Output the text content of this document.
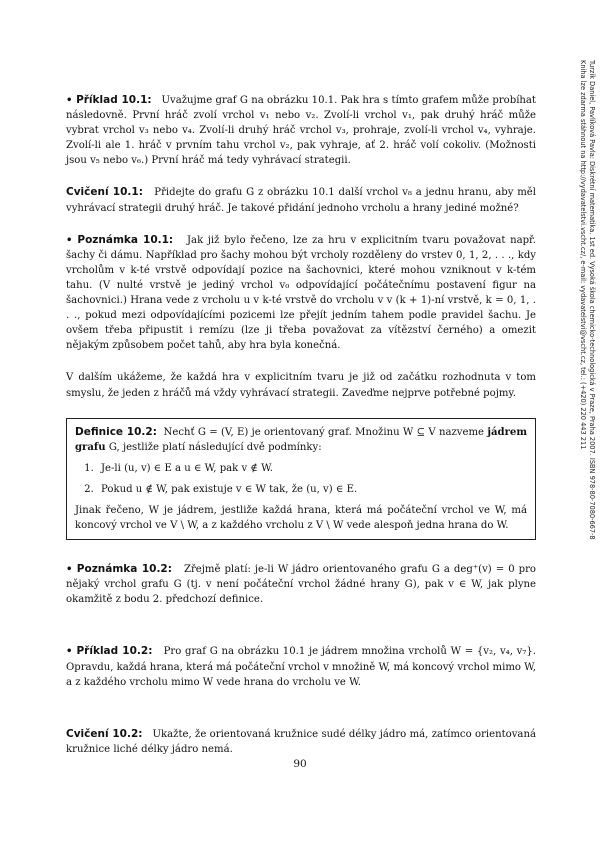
• Příklad 10.1: Uvažujme graf G na obrázku 10.1. Pak hra s tímto grafem může probíhat následovně. První hráč zvolí vrchol v₁ nebo v₂. Zvolí-li vrchol v₁, pak druhý hráč může vybrat vrchol v₃ nebo v₄. Zvolí-li druhý hráč vrchol v₃, prohraje, zvolí-li vrchol v₄, vyhraje. Zvolí-li ale 1. hráč v prvním tahu vrchol v₂, pak vyhraje, ať 2. hráč volí cokoliv. (Možnosti jsou v₅ nebo v₆.) První hráč má tedy vyhrávací strategii.

Cvičení 10.1: Přidejte do grafu G z obrázku 10.1 další vrchol v₈ a jednu hranu, aby měl vyhrávací strategii druhý hráč. Je takové přidání jednoho vrcholu a hrany jediné možné?

• Poznámka 10.1: Jak již bylo řečeno, lze za hru v explicitním tvaru považovat např. šachy či dámu. Například pro šachy mohou být vrcholy rozděleny do vrstev 0, 1, 2, . . ., kdy vrcholům v k-té vrstvě odpovídají pozice na šachovnici, které mohou vzniknout v k-tém tahu. (V nulté vrstvě je jediný vrchol v₀ odpovídající počátečnímu postavení figur na šachovnici.) Hrana vede z vrcholu u v k-té vrstvě do vrcholu v v (k + 1)-ní vrstvě, k = 0, 1, . . ., pokud mezi odpovídajícími pozicemi lze přejít jedním tahem podle pravidel šachu. Je ovšem třeba připustit i remízu (lze ji třeba považovat za vítězství černého) a omezit nějakým způsobem počet tahů, aby hra byla konečná.

V dalším ukážeme, že každá hra v explicitním tvaru je již od začátku rozhodnuta v tom smyslu, že jeden z hráčů má vždy vyhrávací strategii. Zaveďme nejprve potřebné pojmy.

Definice 10.2: Nechť G = (V, E) je orientovaný graf. Množinu W ⊆ V nazveme jádrem grafu G, jestliže platí následující dvě podmínky:

1. Je-li (u, v) ∈ E a u ∈ W, pak v ∉ W.
2. Pokud u ∉ W, pak existuje v ∈ W tak, že (u, v) ∈ E.

Jinak řečeno, W je jádrem, jestliže každá hrana, která má počáteční vrchol ve W, má koncový vrchol ve V \ W, a z každého vrcholu z V \ W vede alespoň jedna hrana do W.

• Poznámka 10.2: Zřejmě platí: je-li W jádro orientovaného grafu G a deg⁺(v) = 0 pro nějaký vrchol grafu G (tj. v není počáteční vrchol žádné hrany G), pak v ∈ W, jak plyne okamžitě z bodu 2. předchozí definice.

• Příklad 10.2: Pro graf G na obrázku 10.1 je jádrem množina vrcholů W = {v₂, v₄, v₇}. Opravdu, každá hrana, která má počáteční vrchol v množině W, má koncový vrchol mimo W, a z každého vrcholu mimo W vede hrana do vrcholu ve W.

Cvičení 10.2: Ukažte, že orientovaná kružnice sudé délky jádro má, zatímco orientovaná kružnice liché délky jádro nemá.

Turzík Daniel, Pavlíková Pavla: Diskrétní matematika. 1st ed. Vysoká škola chemicko-technologická v Praze, Praha 2007. ISBN 978-80-7080-667-8
Kniha lze zdarma stáhnout na http://vydavatelstvi.vscht.cz/, e-mail: vydavatelstvi@vscht.cz, tel.: (+420) 220 443 211
90
